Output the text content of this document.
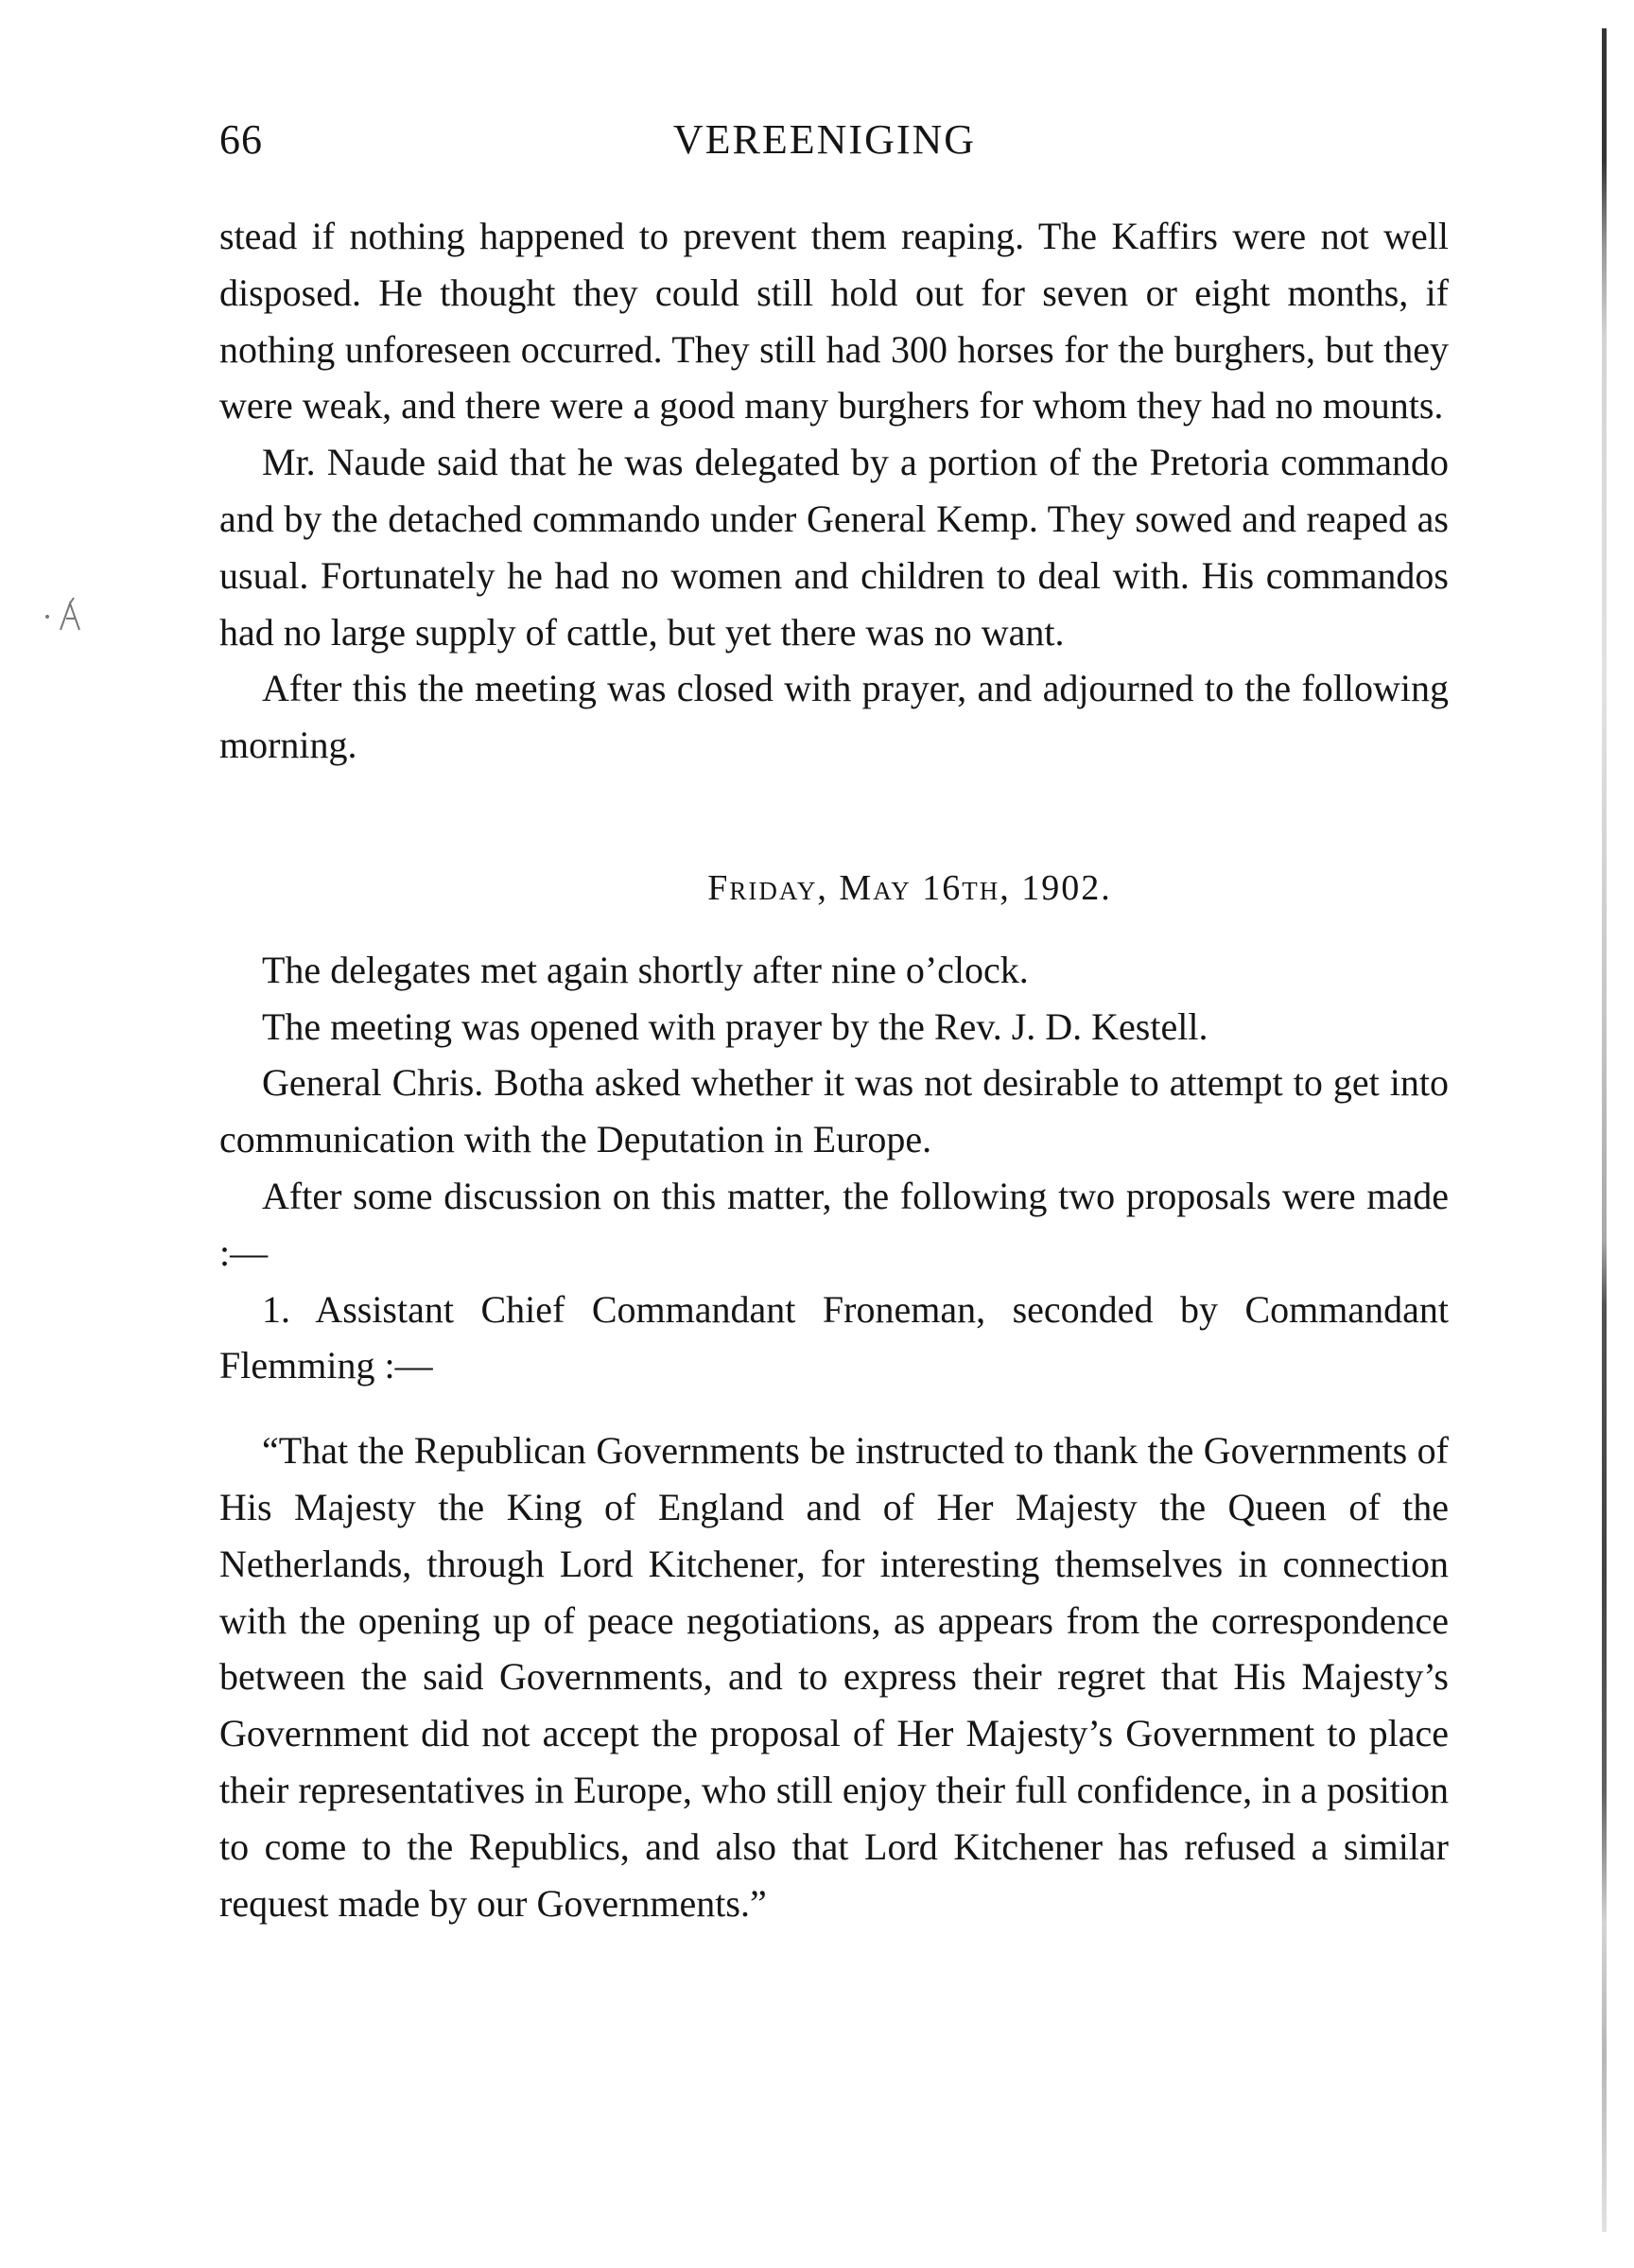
66	VEREENIGING

stead if nothing happened to prevent them reaping. The Kaffirs were not well disposed. He thought they could still hold out for seven or eight months, if nothing unforeseen occurred. They still had 300 horses for the burghers, but they were weak, and there were a good many burghers for whom they had no mounts.

Mr. Naude said that he was delegated by a portion of the Pretoria commando and by the detached commando under General Kemp. They sowed and reaped as usual. Fortunately he had no women and children to deal with. His commandos had no large supply of cattle, but yet there was no want.

After this the meeting was closed with prayer, and adjourned to the following morning.

Friday, May 16th, 1902.

The delegates met again shortly after nine o’clock.

The meeting was opened with prayer by the Rev. J. D. Kestell.

General Chris. Botha asked whether it was not desirable to attempt to get into communication with the Deputation in Europe.

After some discussion on this matter, the following two proposals were made :—

1. Assistant Chief Commandant Froneman, seconded by Commandant Flemming :—

“That the Republican Governments be instructed to thank the Governments of His Majesty the King of England and of Her Majesty the Queen of the Netherlands, through Lord Kitchener, for interesting themselves in connection with the opening up of peace negotiations, as appears from the correspondence between the said Governments, and to express their regret that His Majesty’s Government did not accept the proposal of Her Majesty’s Government to place their representatives in Europe, who still enjoy their full confidence, in a position to come to the Republics, and also that Lord Kitchener has refused a similar request made by our Governments.”
